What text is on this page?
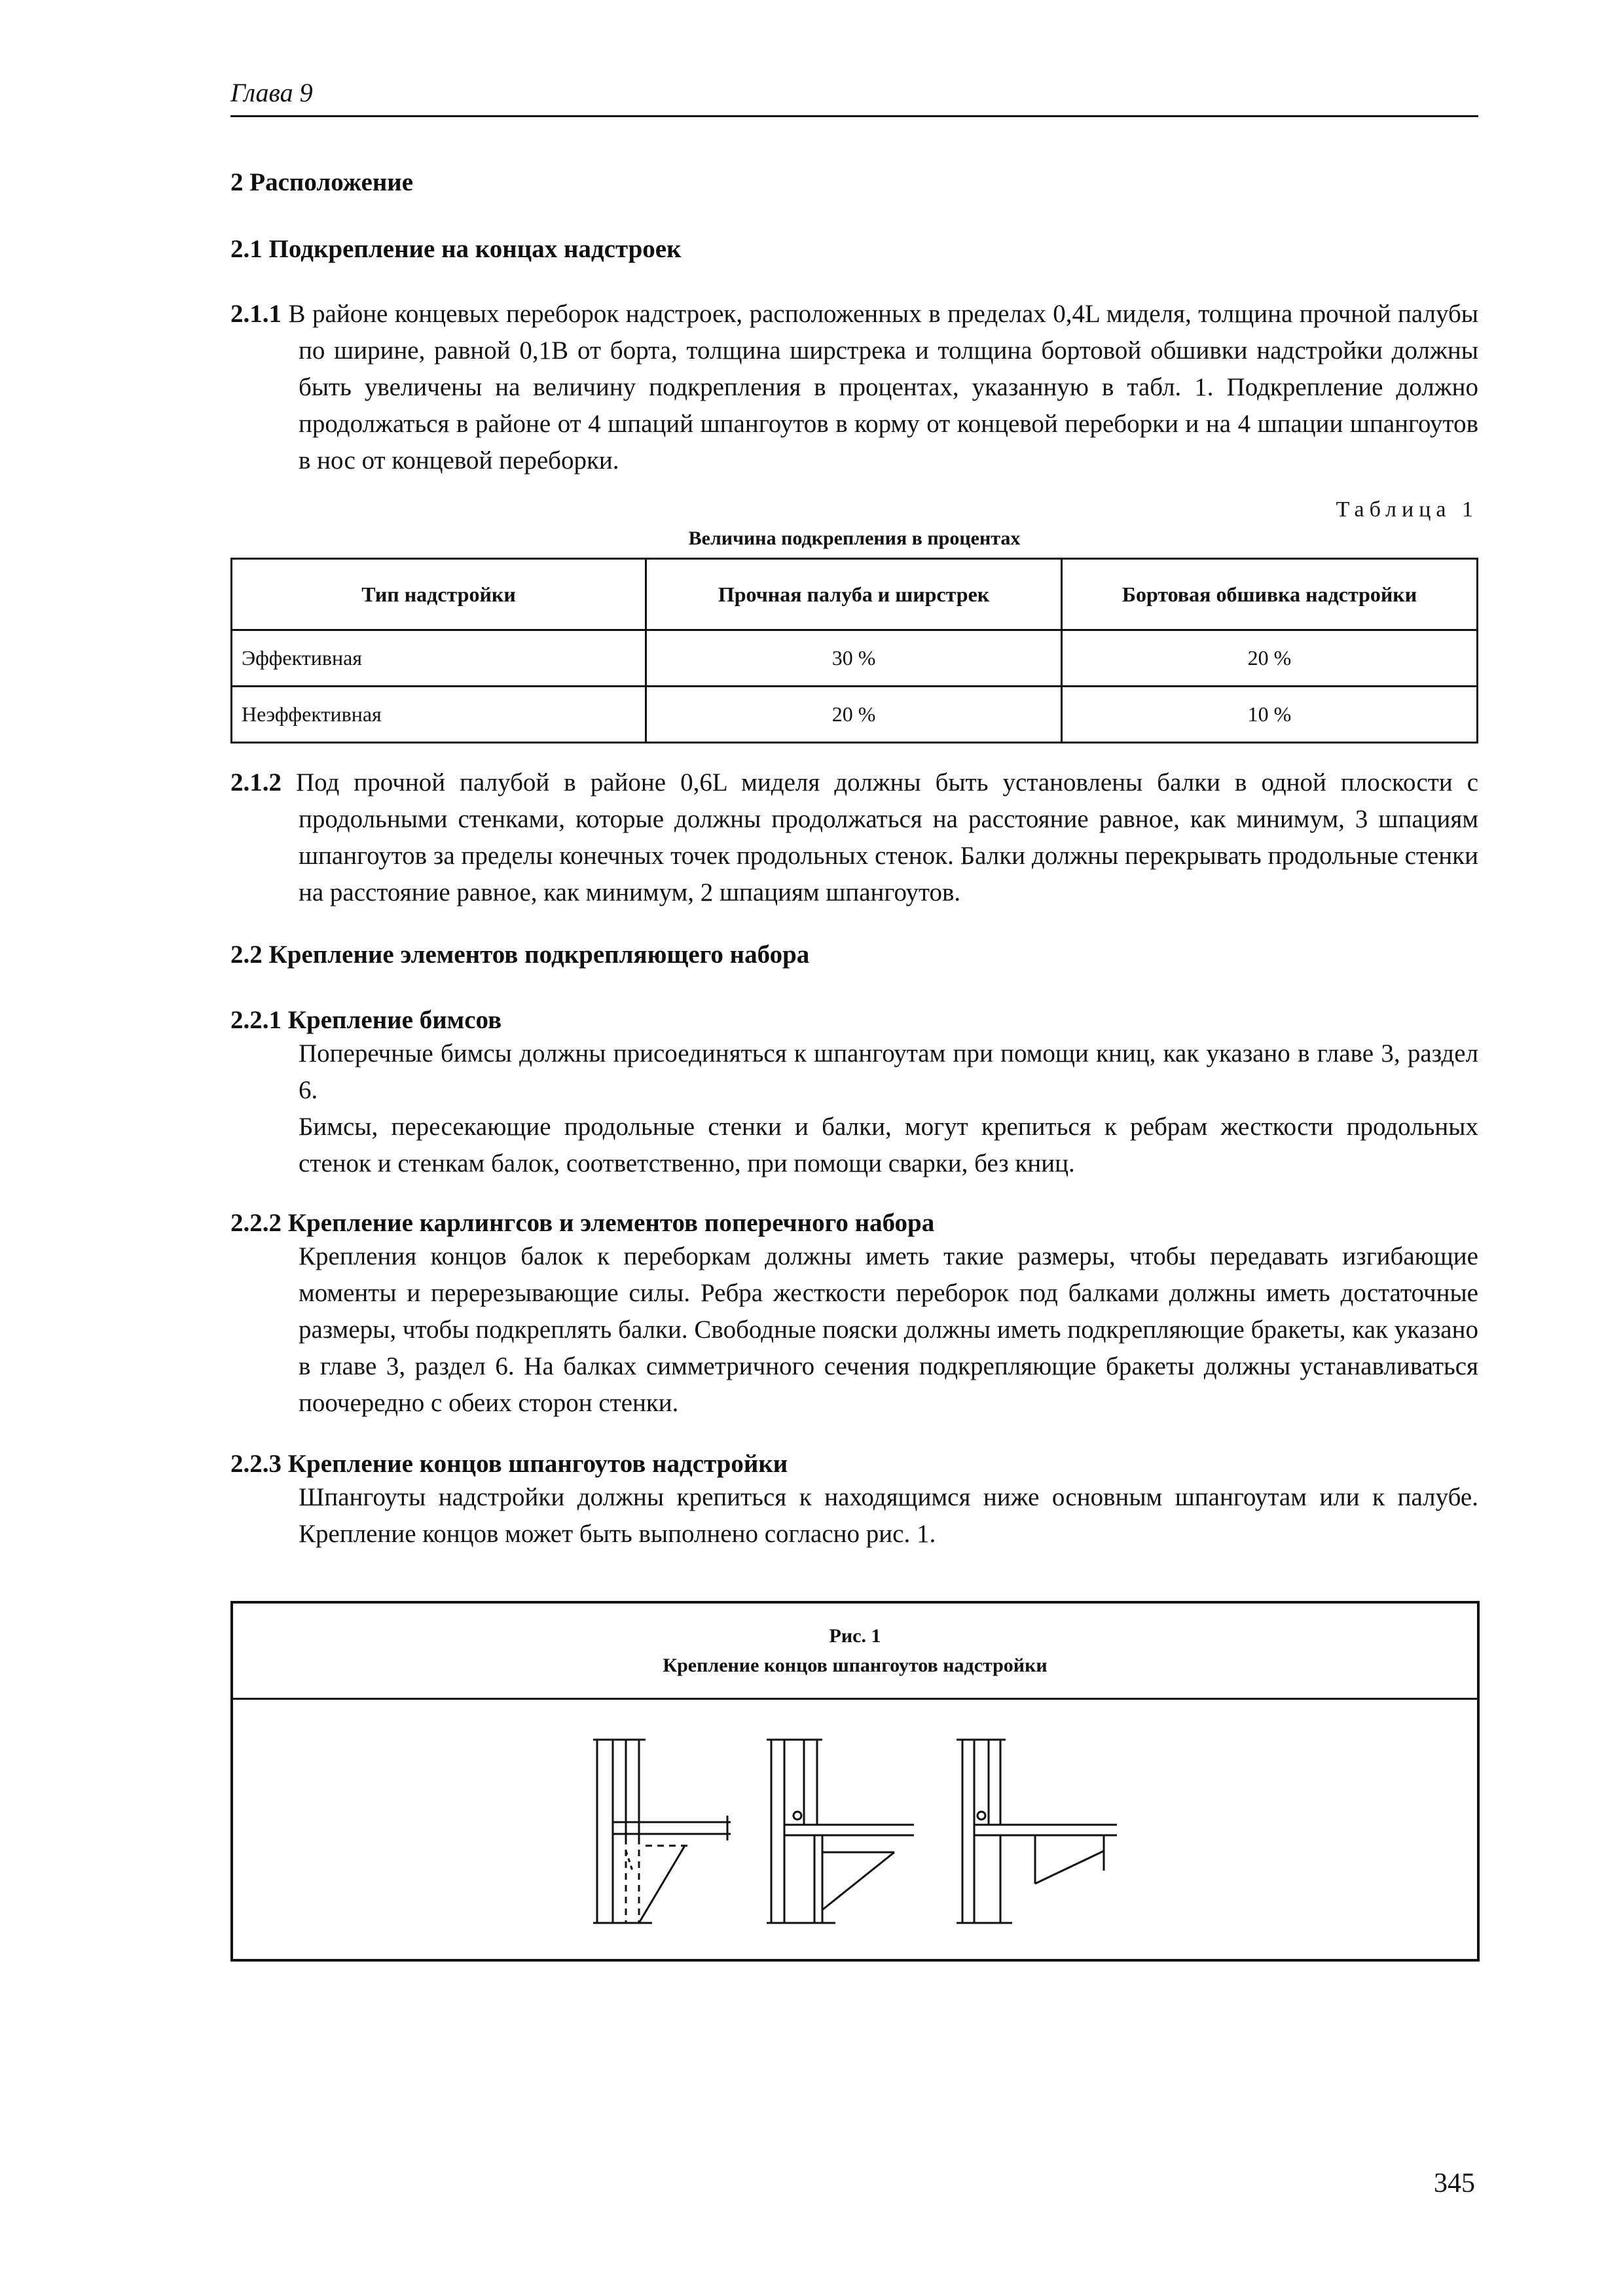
Глава 9
2 Расположение
2.1 Подкрепление на концах надстроек
2.1.1 В районе концевых переборок надстроек, расположенных в пределах 0,4L миделя, толщина прочной палубы по ширине, равной 0,1B от борта, толщина ширстрека и толщина бортовой обшивки надстройки должны быть увеличены на величину подкрепления в процентах, указанную в табл. 1. Подкрепление должно продолжаться в районе от 4 шпаций шпангоутов в корму от концевой переборки и на 4 шпации шпангоутов в нос от концевой переборки.
Таблица 1
Величина подкрепления в процентах
Тип надстройки	Прочная палуба и ширстрек	Бортовая обшивка надстройки
Эффективная	30 %	20 %
Неэффективная	20 %	10 %
2.1.2 Под прочной палубой в районе 0,6L миделя должны быть установлены балки в одной плоскости с продольными стенками, которые должны продолжаться на расстояние равное, как минимум, 3 шпациям шпангоутов за пределы конечных точек продольных стенок. Балки должны перекрывать продольные стенки на расстояние равное, как минимум, 2 шпациям шпангоутов.
2.2 Крепление элементов подкрепляющего набора
2.2.1 Крепление бимсов
Поперечные бимсы должны присоединяться к шпангоутам при помощи книц, как указано в главе 3, раздел 6.
Бимсы, пересекающие продольные стенки и балки, могут крепиться к ребрам жесткости продольных стенок и стенкам балок, соответственно, при помощи сварки, без книц.
2.2.2 Крепление карлингсов и элементов поперечного набора
Крепления концов балок к переборкам должны иметь такие размеры, чтобы передавать изгибающие моменты и перерезывающие силы. Ребра жесткости переборок под балками должны иметь достаточные размеры, чтобы подкреплять балки. Свободные пояски должны иметь подкрепляющие бракеты, как указано в главе 3, раздел 6. На балках симметричного сечения подкрепляющие бракеты должны устанавливаться поочередно с обеих сторон стенки.
2.2.3 Крепление концов шпангоутов надстройки
Шпангоуты надстройки должны крепиться к находящимся ниже основным шпангоутам или к палубе. Крепление концов может быть выполнено согласно рис. 1.
Рис. 1
Крепление концов шпангоутов надстройки
345
